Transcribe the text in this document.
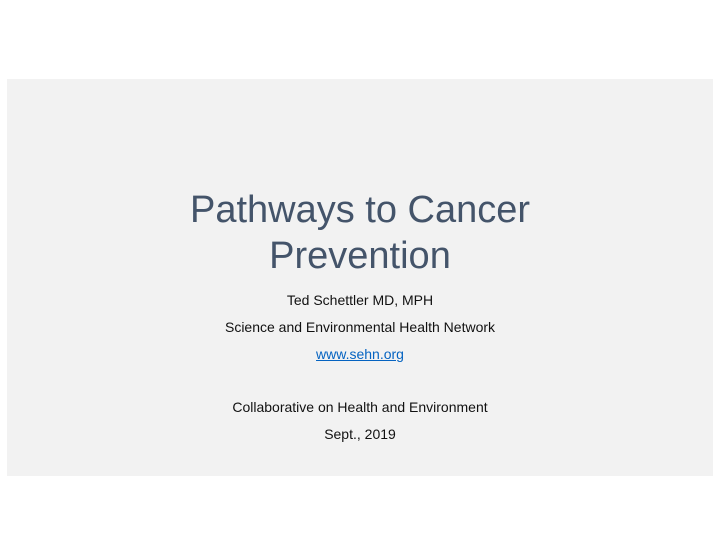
Pathways to Cancer
Prevention
Ted Schettler MD, MPH
Science and Environmental Health Network
www.sehn.org
Collaborative on Health and Environment
Sept., 2019
